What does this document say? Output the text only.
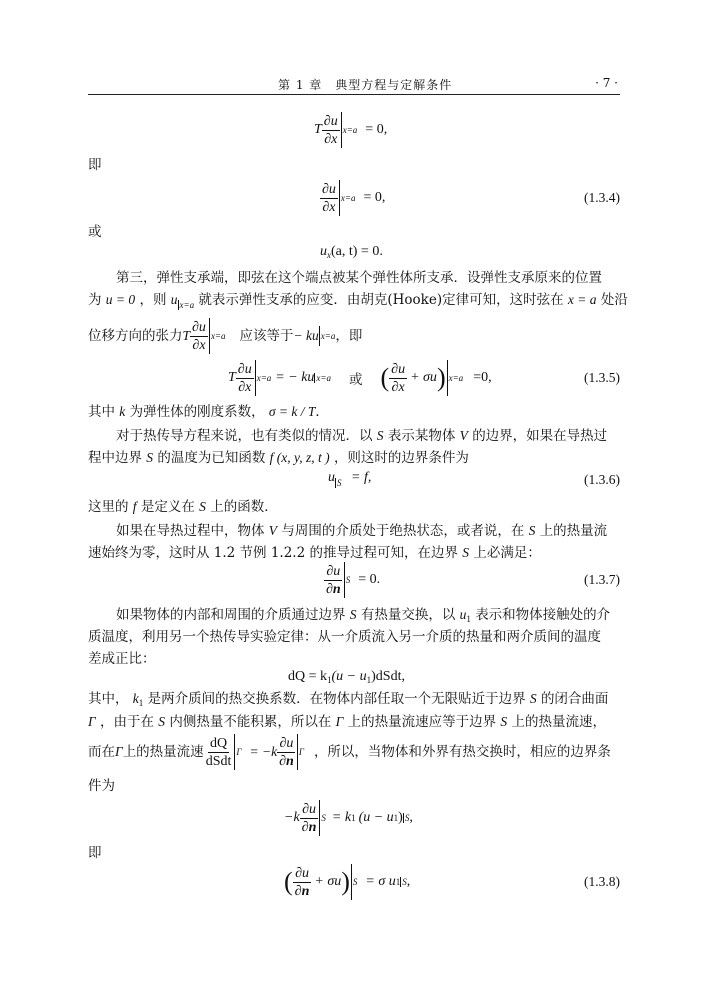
第 1 章　典型方程与定解条件	· 7 ·
T $\frac{\partial u}{\partial x} x=a = 0$,
即
$\frac{\partial u}{\partial x} x=a = 0$,	(1.3.4)
或
$u_x(a$, t) = 0.
第三，弹性支承端，即弦在这个端点被某个弹性体所支承．设弹性支承原来的位置
为 u = 0 ，则 u $_{x=a}$ 就表示弹性支承的应变．由胡克(Hooke)定律可知，这时弦在 x = a 处沿
位移方向的张力 T $\frac{\partial u}{\partial x} x=a$ 应该等于 − ku x=a ，即
T $\frac{\partial u}{\partial x} x=a$ = − ku x=a 或 ( $\frac{\partial u}{\partial x} + \sigma u$ ) x=a =0,	(1.3.5)
其中 k 为弹性体的刚度系数， σ = k / T．
对于热传导方程来说，也有类似的情况．以 S 表示某物体 V 的边界，如果在导热过
程中边界 S 的温度为已知函数 f (x, y, z, t ) ，则这时的边界条件为
u $_S$ = f,	(1.3.6)
这里的 f 是定义在 S 上的函数．
如果在导热过程中，物体 V 与周围的介质处于绝热状态，或者说，在 S 上的热量流
速始终为零，这时从 1.2 节例 1.2.2 的推导过程可知，在边界 S 上必满足：
$\frac{\partial u}{\partial n}$ S = 0.	(1.3.7)
如果物体的内部和周围的介质通过边界 S 有热量交换，以 $u_1$ 表示和物体接触处的介
质温度，利用另一个热传导实验定律：从一介质流入另一介质的热量和两介质间的温度
差成正比：
dQ = $k_1(u$ − $u_1)dSdt$,
其中， $k_1$ 是两介质间的热交换系数．在物体内部任取一个无限贴近于边界 S 的闭合曲面
Γ ，由于在 S 内侧热量不能积累，所以在 Γ 上的热量流速应等于边界 S 上的热量流速，
而在 Γ 上的热量流速 $\frac{dQ}{\text{dSdt}}$ $\Gamma = -k \frac{\partial u}{\partial n}$ Γ ，所以，当物体和外界有热交换时，相应的边界条
件为
$-k \frac{\partial u}{\partial n}$ S = k 1 (u − u 1 ) S ,
即
( $\frac{\partial u}{\partial n} + \sigma u$ ) S = σ u 1 S ,	(1.3.8)
